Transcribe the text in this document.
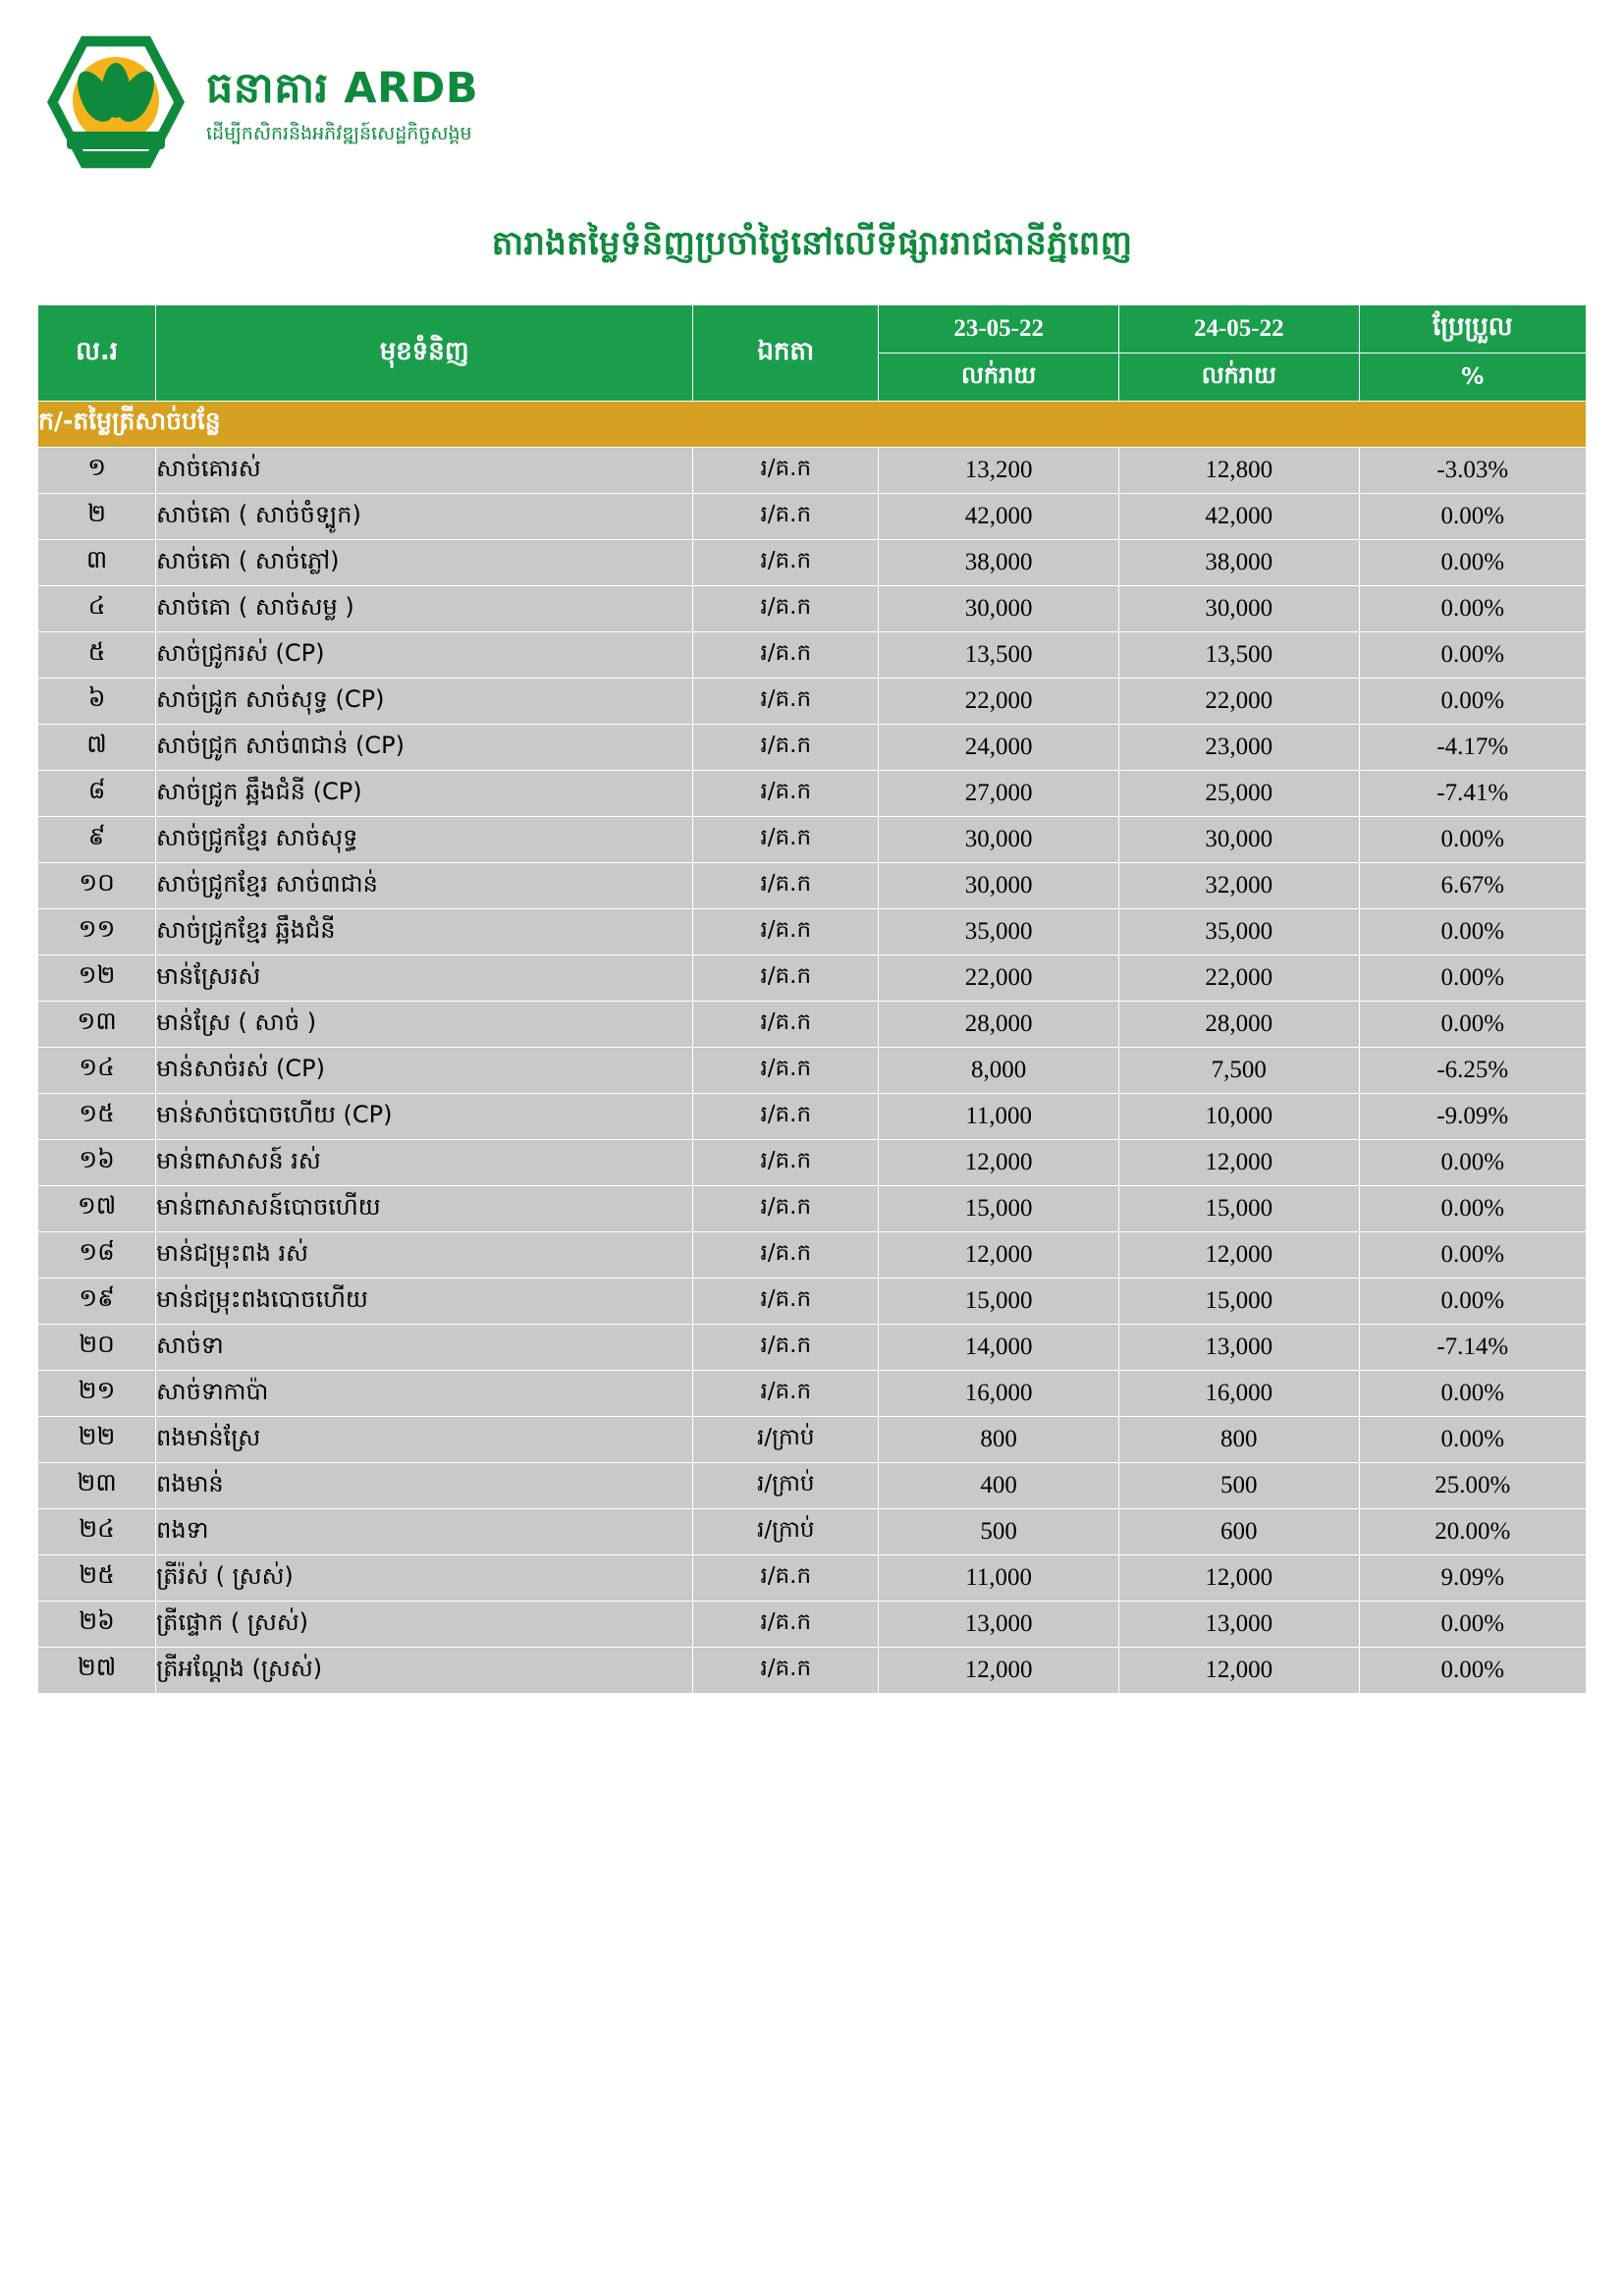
ធនាគារ ARDB
ដើម្បីកសិករនិងអភិវឌ្ឍន៍សេដ្ឋកិច្ចសង្គម
តារាងតម្លៃទំនិញប្រចាំថ្ងៃនៅលើទីផ្សាររាជធានីភ្នំពេញ
ល.រ	មុខទំនិញ	ឯកតា	23-05-22	24-05-22	ប្រែប្រួល
			លក់រាយ	លក់រាយ	%
ក/-តម្លៃត្រីសាច់បន្លែ					
១	សាច់គោរស់	រ/គ.ក	13,200	12,800	-3.03%
២	សាច់គោ ( សាច់ចំទ្បូក)	រ/គ.ក	42,000	42,000	0.00%
៣	សាច់គោ ( សាច់ភ្លៅ)	រ/គ.ក	38,000	38,000	0.00%
៤	សាច់គោ ( សាច់សម្ល )	រ/គ.ក	30,000	30,000	0.00%
៥	សាច់ជ្រូករស់ (CP)	រ/គ.ក	13,500	13,500	0.00%
៦	សាច់ជ្រូក សាច់សុទ្ធ (CP)	រ/គ.ក	22,000	22,000	0.00%
៧	សាច់ជ្រូក សាច់៣ជាន់ (CP)	រ/គ.ក	24,000	23,000	-4.17%
៨	សាច់ជ្រូក ឆ្អឹងជំនី (CP)	រ/គ.ក	27,000	25,000	-7.41%
៩	សាច់ជ្រូកខ្មែរ សាច់សុទ្ធ	រ/គ.ក	30,000	30,000	0.00%
១០	សាច់ជ្រូកខ្មែរ សាច់៣ជាន់	រ/គ.ក	30,000	32,000	6.67%
១១	សាច់ជ្រូកខ្មែរ ឆ្អឹងជំនី	រ/គ.ក	35,000	35,000	0.00%
១២	មាន់ស្រែរស់	រ/គ.ក	22,000	22,000	0.00%
១៣	មាន់ស្រែ ( សាច់ )	រ/គ.ក	28,000	28,000	0.00%
១៤	មាន់សាច់រស់ (CP)	រ/គ.ក	8,000	7,500	-6.25%
១៥	មាន់សាច់បោចហើយ (CP)	រ/គ.ក	11,000	10,000	-9.09%
១៦	មាន់ពាសាសន៍ រស់	រ/គ.ក	12,000	12,000	0.00%
១៧	មាន់ពាសាសន៍បោចហើយ	រ/គ.ក	15,000	15,000	0.00%
១៨	មាន់ជម្រុះពង រស់	រ/គ.ក	12,000	12,000	0.00%
១៩	មាន់ជម្រុះពងបោចហើយ	រ/គ.ក	15,000	15,000	0.00%
២០	សាច់ទា	រ/គ.ក	14,000	13,000	-7.14%
២១	សាច់ទាកាប៉ា	រ/គ.ក	16,000	16,000	0.00%
២២	ពងមាន់ស្រែ	រ/ក្រាប់	800	800	0.00%
២៣	ពងមាន់	រ/ក្រាប់	400	500	25.00%
២៤	ពងទា	រ/ក្រាប់	500	600	20.00%
២៥	ត្រីរ៉ស់ ( ស្រស់)	រ/គ.ក	11,000	12,000	9.09%
២៦	ត្រីផ្ទោក ( ស្រស់)	រ/គ.ក	13,000	13,000	0.00%
២៧	ត្រីអណ្តែង (ស្រស់)	រ/គ.ក	12,000	12,000	0.00%
